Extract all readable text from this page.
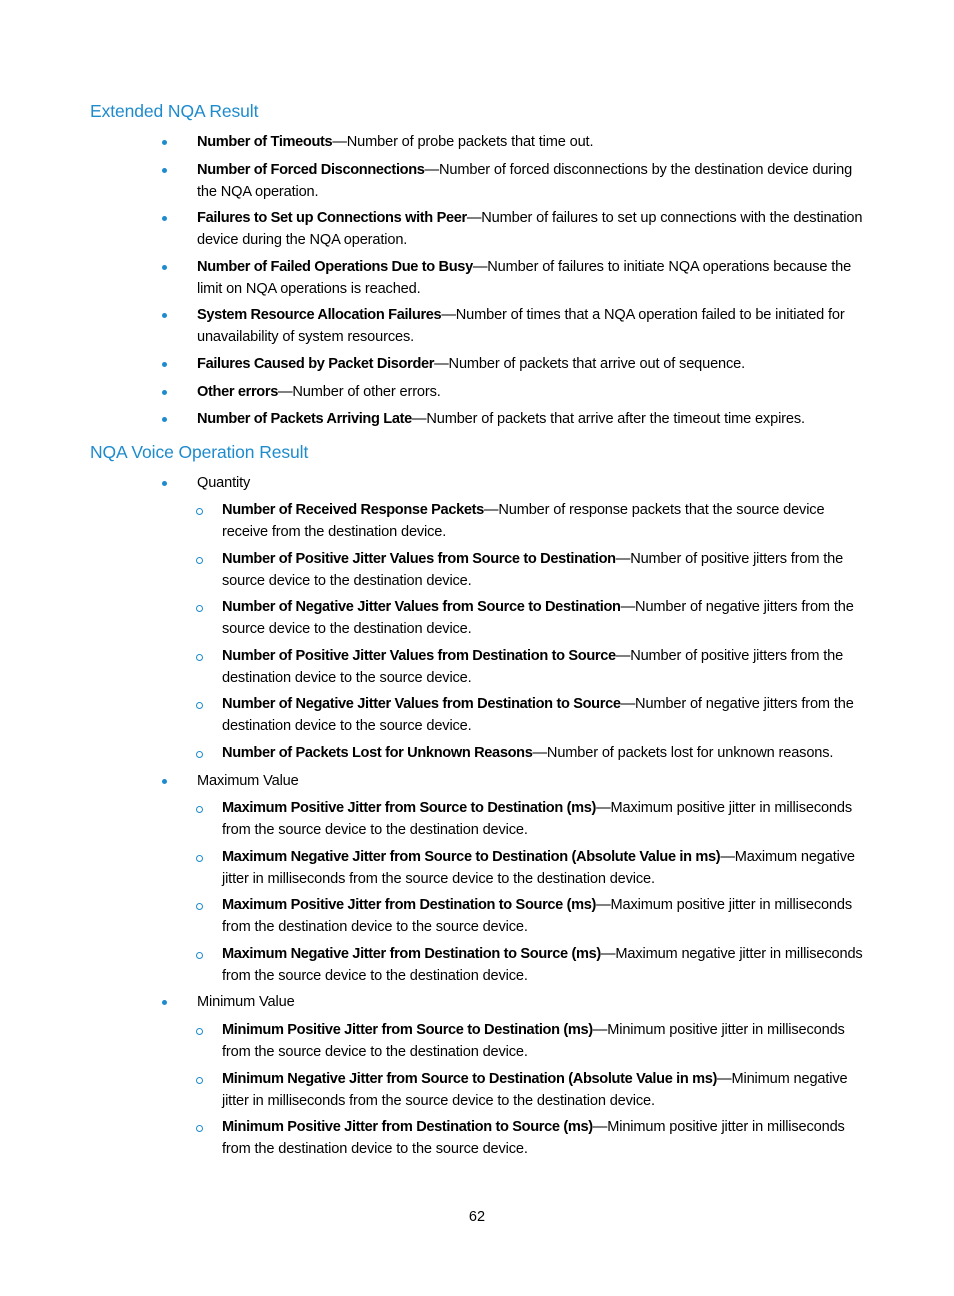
Extended NQA Result
Number of Timeouts—Number of probe packets that time out.
Number of Forced Disconnections—Number of forced disconnections by the destination device during the NQA operation.
Failures to Set up Connections with Peer—Number of failures to set up connections with the destination device during the NQA operation.
Number of Failed Operations Due to Busy—Number of failures to initiate NQA operations because the limit on NQA operations is reached.
System Resource Allocation Failures—Number of times that a NQA operation failed to be initiated for unavailability of system resources.
Failures Caused by Packet Disorder—Number of packets that arrive out of sequence.
Other errors—Number of other errors.
Number of Packets Arriving Late—Number of packets that arrive after the timeout time expires.
NQA Voice Operation Result
Quantity
Number of Received Response Packets—Number of response packets that the source device receive from the destination device.
Number of Positive Jitter Values from Source to Destination—Number of positive jitters from the source device to the destination device.
Number of Negative Jitter Values from Source to Destination—Number of negative jitters from the source device to the destination device.
Number of Positive Jitter Values from Destination to Source—Number of positive jitters from the destination device to the source device.
Number of Negative Jitter Values from Destination to Source—Number of negative jitters from the destination device to the source device.
Number of Packets Lost for Unknown Reasons—Number of packets lost for unknown reasons.
Maximum Value
Maximum Positive Jitter from Source to Destination (ms)—Maximum positive jitter in milliseconds from the source device to the destination device.
Maximum Negative Jitter from Source to Destination (Absolute Value in ms)—Maximum negative jitter in milliseconds from the source device to the destination device.
Maximum Positive Jitter from Destination to Source (ms)—Maximum positive jitter in milliseconds from the destination device to the source device.
Maximum Negative Jitter from Destination to Source (ms)—Maximum negative jitter in milliseconds from the source device to the destination device.
Minimum Value
Minimum Positive Jitter from Source to Destination (ms)—Minimum positive jitter in milliseconds from the source device to the destination device.
Minimum Negative Jitter from Source to Destination (Absolute Value in ms)—Minimum negative jitter in milliseconds from the source device to the destination device.
Minimum Positive Jitter from Destination to Source (ms)—Minimum positive jitter in milliseconds from the destination device to the source device.
62
